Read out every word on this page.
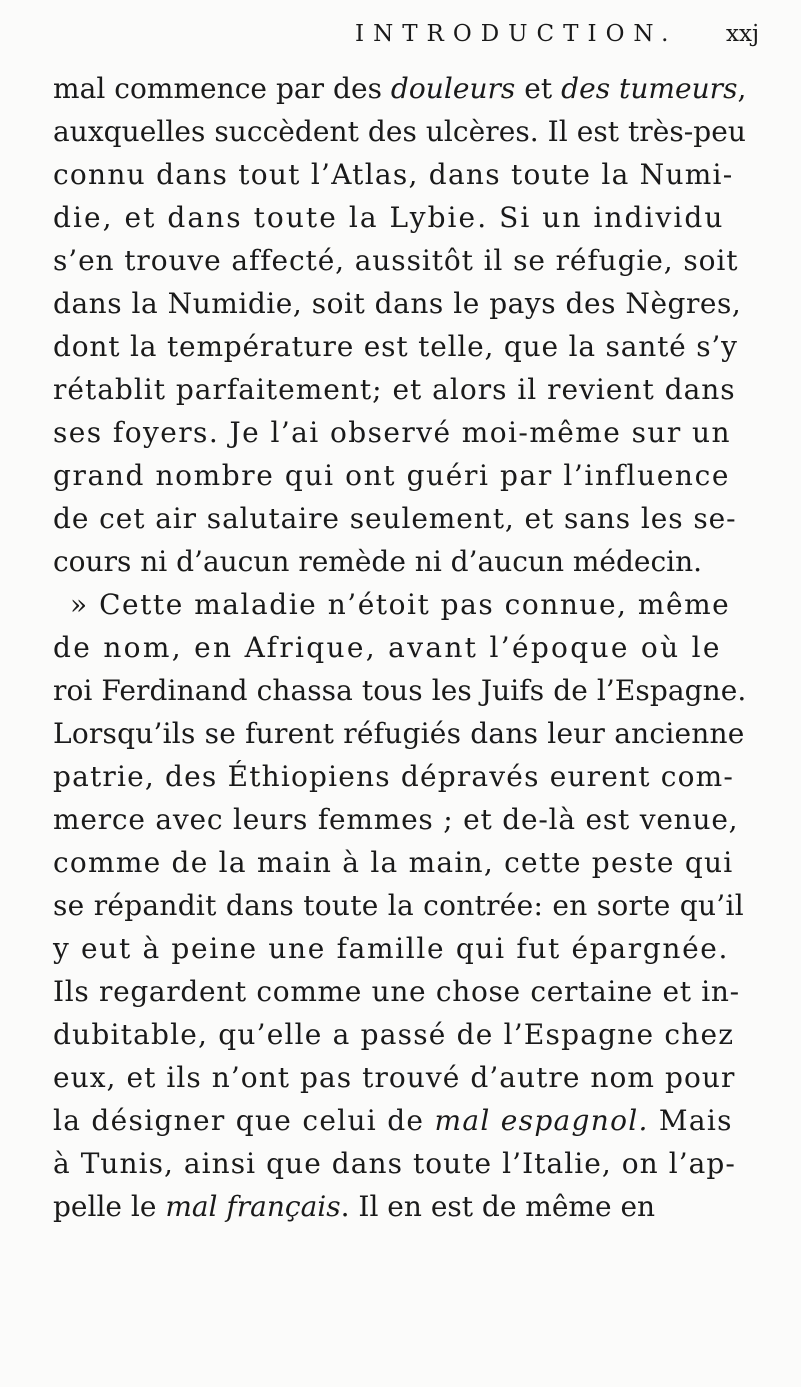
INTRODUCTION. xxj
mal commence par des douleurs et des tumeurs,
auxquelles succèdent des ulcères. Il est très-peu
connu dans tout l’Atlas, dans toute la Numi-
die, et dans toute la Lybie. Si un individu
s’en trouve affecté, aussitôt il se réfugie, soit
dans la Numidie, soit dans le pays des Nègres,
dont la température est telle, que la santé s’y
rétablit parfaitement; et alors il revient dans
ses foyers. Je l’ai observé moi-même sur un
grand nombre qui ont guéri par l’influence
de cet air salutaire seulement, et sans les se-
cours ni d’aucun remède ni d’aucun médecin.
» Cette maladie n’étoit pas connue, même
de nom, en Afrique, avant l’époque où le
roi Ferdinand chassa tous les Juifs de l’Espagne.
Lorsqu’ils se furent réfugiés dans leur ancienne
patrie, des Éthiopiens dépravés eurent com-
merce avec leurs femmes ; et de-là est venue,
comme de la main à la main, cette peste qui
se répandit dans toute la contrée: en sorte qu’il
y eut à peine une famille qui fut épargnée.
Ils regardent comme une chose certaine et in-
dubitable, qu’elle a passé de l’Espagne chez
eux, et ils n’ont pas trouvé d’autre nom pour
la désigner que celui de mal espagnol. Mais
à Tunis, ainsi que dans toute l’Italie, on l’ap-
pelle le mal français. Il en est de même en
